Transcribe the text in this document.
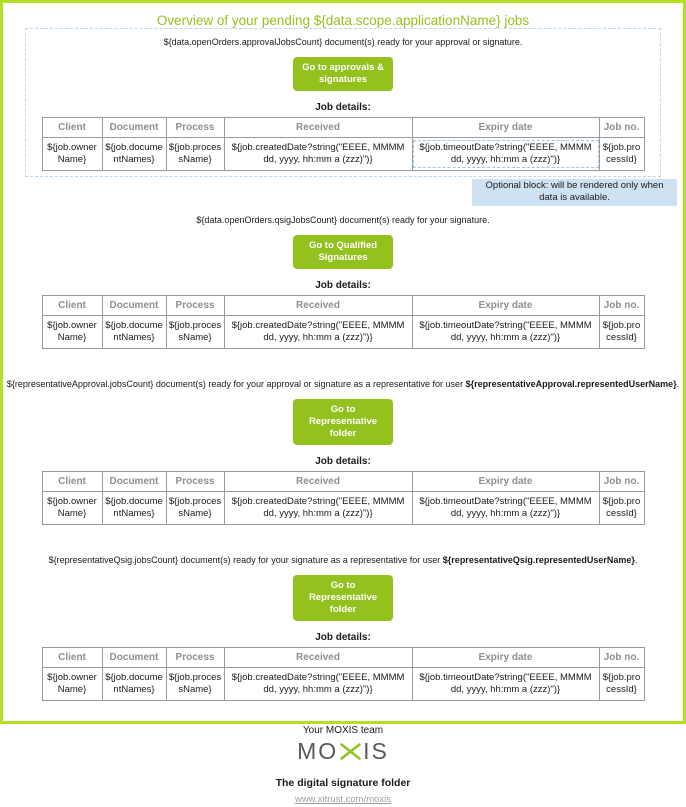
Overview of your pending ${data.scope.applicationName} jobs
${data.openOrders.approvalJobsCount} document(s) ready for your approval or signature.
Go to approvals &
signatures
Job details:
Client	Document	Process	Received	Expiry date	Job no.
${job.ownerName}	${job.documentNames}	${job.processName}	${job.createdDate?string("EEEE, MMMM dd, yyyy, hh:mm a (zzz)")}	${job.timeoutDate?string("EEEE, MMMM dd, yyyy, hh:mm a (zzz)")}	${job.processId}
Optional block: will be rendered only when data is available.
${data.openOrders.qsigJobsCount} document(s) ready for your signature.
Go to Qualified
Signatures
Job details:
Client	Document	Process	Received	Expiry date	Job no.
${job.ownerName}	${job.documentNames}	${job.processName}	${job.createdDate?string("EEEE, MMMM dd, yyyy, hh:mm a (zzz)")}	${job.timeoutDate?string("EEEE, MMMM dd, yyyy, hh:mm a (zzz)")}	${job.processId}
${representativeApproval.jobsCount} document(s) ready for your approval or signature as a representative for user ${representativeApproval.representedUserName}.
Go to Representative
folder
Job details:
Client	Document	Process	Received	Expiry date	Job no.
${job.ownerName}	${job.documentNames}	${job.processName}	${job.createdDate?string("EEEE, MMMM dd, yyyy, hh:mm a (zzz)")}	${job.timeoutDate?string("EEEE, MMMM dd, yyyy, hh:mm a (zzz)")}	${job.processId}
${representativeQsig.jobsCount} document(s) ready for your signature as a representative for user ${representativeQsig.representedUserName}.
Go to Representative
folder
Job details:
Client	Document	Process	Received	Expiry date	Job no.
${job.ownerName}	${job.documentNames}	${job.processName}	${job.createdDate?string("EEEE, MMMM dd, yyyy, hh:mm a (zzz)")}	${job.timeoutDate?string("EEEE, MMMM dd, yyyy, hh:mm a (zzz)")}	${job.processId}
Your MOXIS team
MO IS
The digital signature folder
www.xitrust.com/moxis
